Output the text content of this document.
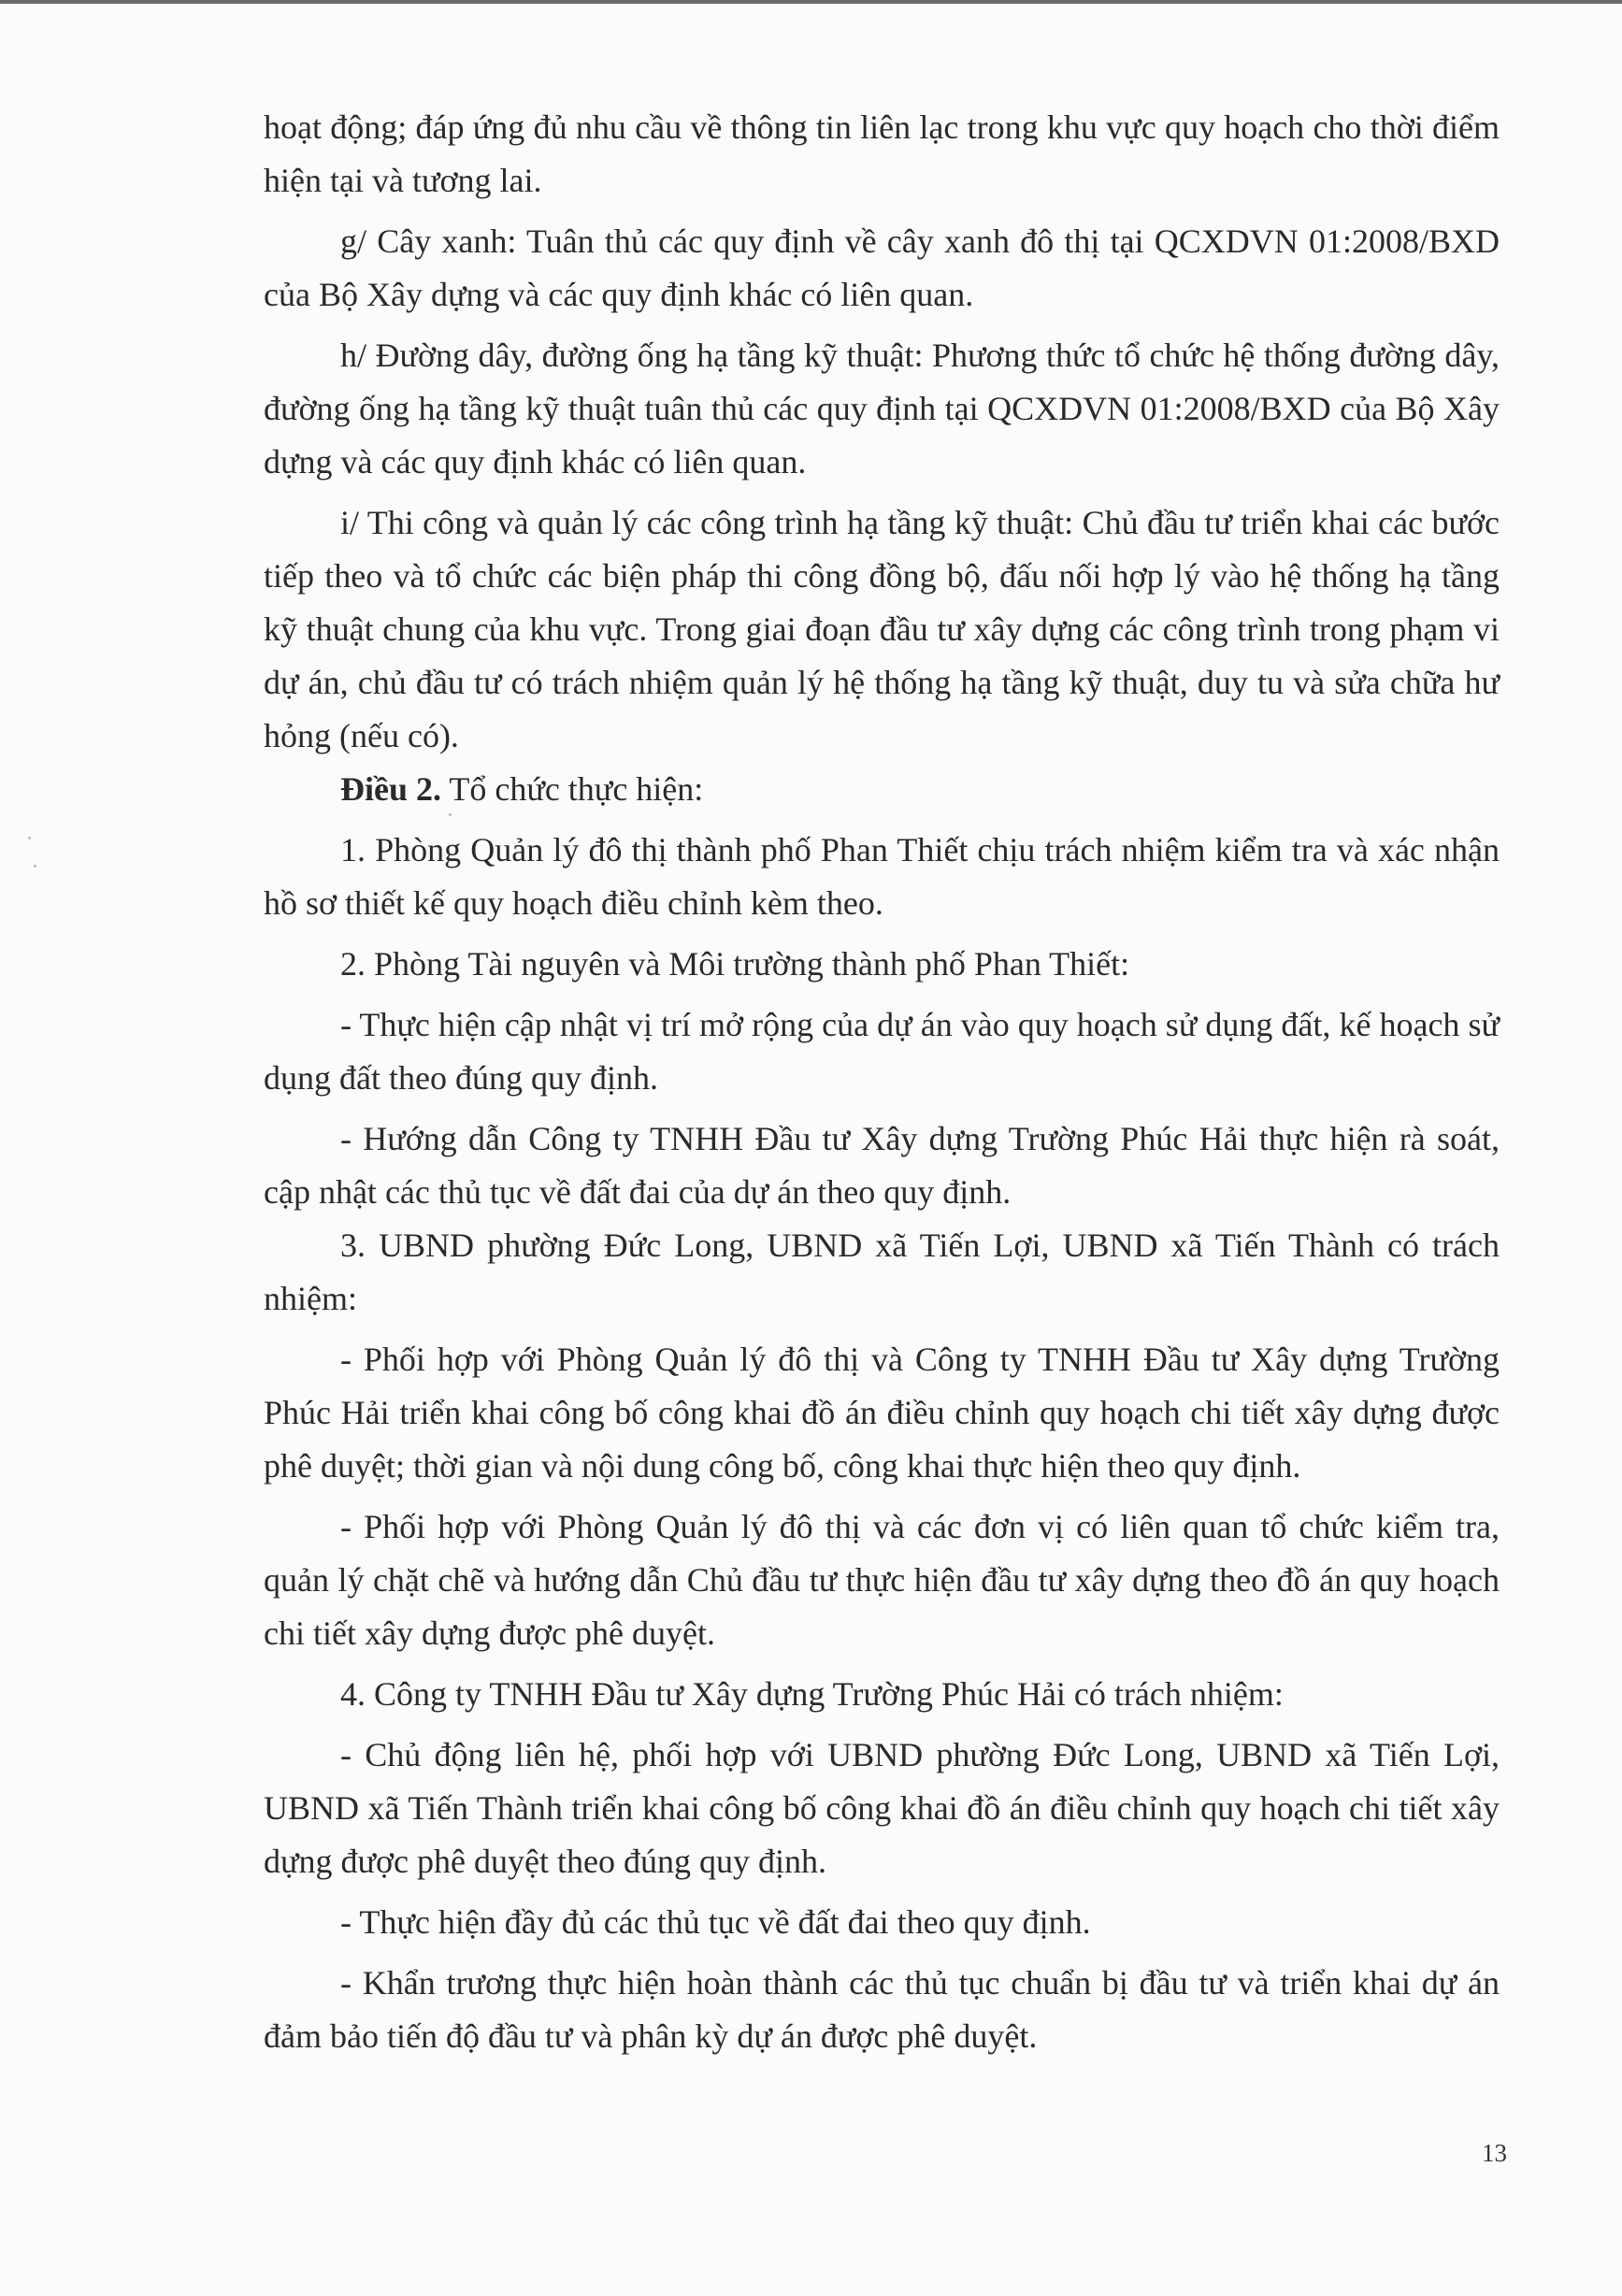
hoạt động; đáp ứng đủ nhu cầu về thông tin liên lạc trong khu vực quy hoạch cho thời điểm hiện tại và tương lai.

g/ Cây xanh: Tuân thủ các quy định về cây xanh đô thị tại QCXDVN 01:2008/BXD của Bộ Xây dựng và các quy định khác có liên quan.

h/ Đường dây, đường ống hạ tầng kỹ thuật: Phương thức tổ chức hệ thống đường dây, đường ống hạ tầng kỹ thuật tuân thủ các quy định tại QCXDVN 01:2008/BXD của Bộ Xây dựng và các quy định khác có liên quan.

i/ Thi công và quản lý các công trình hạ tầng kỹ thuật: Chủ đầu tư triển khai các bước tiếp theo và tổ chức các biện pháp thi công đồng bộ, đấu nối hợp lý vào hệ thống hạ tầng kỹ thuật chung của khu vực. Trong giai đoạn đầu tư xây dựng các công trình trong phạm vi dự án, chủ đầu tư có trách nhiệm quản lý hệ thống hạ tầng kỹ thuật, duy tu và sửa chữa hư hỏng (nếu có).

Điều 2. Tổ chức thực hiện:

1. Phòng Quản lý đô thị thành phố Phan Thiết chịu trách nhiệm kiểm tra và xác nhận hồ sơ thiết kế quy hoạch điều chỉnh kèm theo.

2. Phòng Tài nguyên và Môi trường thành phố Phan Thiết:

- Thực hiện cập nhật vị trí mở rộng của dự án vào quy hoạch sử dụng đất, kế hoạch sử dụng đất theo đúng quy định.

- Hướng dẫn Công ty TNHH Đầu tư Xây dựng Trường Phúc Hải thực hiện rà soát, cập nhật các thủ tục về đất đai của dự án theo quy định.

3. UBND phường Đức Long, UBND xã Tiến Lợi, UBND xã Tiến Thành có trách nhiệm:

- Phối hợp với Phòng Quản lý đô thị và Công ty TNHH Đầu tư Xây dựng Trường Phúc Hải triển khai công bố công khai đồ án điều chỉnh quy hoạch chi tiết xây dựng được phê duyệt; thời gian và nội dung công bố, công khai thực hiện theo quy định.

- Phối hợp với Phòng Quản lý đô thị và các đơn vị có liên quan tổ chức kiểm tra, quản lý chặt chẽ và hướng dẫn Chủ đầu tư thực hiện đầu tư xây dựng theo đồ án quy hoạch chi tiết xây dựng được phê duyệt.

4. Công ty TNHH Đầu tư Xây dựng Trường Phúc Hải có trách nhiệm:

- Chủ động liên hệ, phối hợp với UBND phường Đức Long, UBND xã Tiến Lợi, UBND xã Tiến Thành triển khai công bố công khai đồ án điều chỉnh quy hoạch chi tiết xây dựng được phê duyệt theo đúng quy định.

- Thực hiện đầy đủ các thủ tục về đất đai theo quy định.

- Khẩn trương thực hiện hoàn thành các thủ tục chuẩn bị đầu tư và triển khai dự án đảm bảo tiến độ đầu tư và phân kỳ dự án được phê duyệt.

13
